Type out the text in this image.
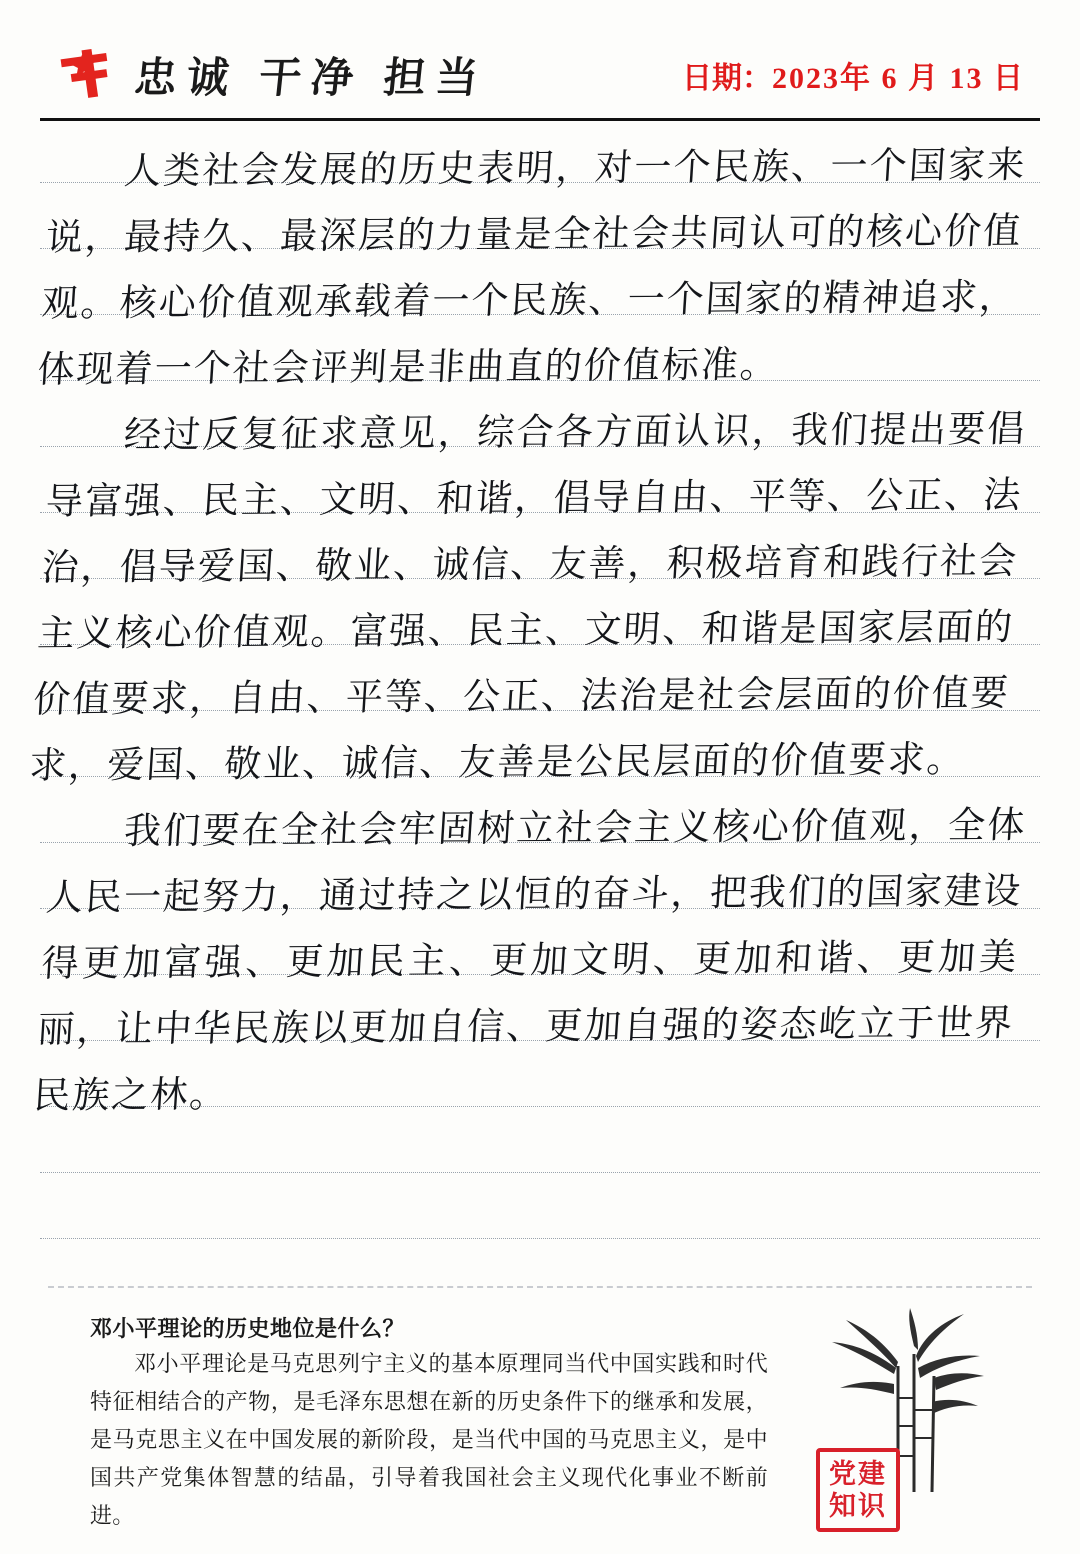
忠诚 干净 担当	日期： 2023年 6 月 13 日

人类社会发展的历史表明，对一个民族、一个国家来说，最持久、最深层的力量是全社会共同认可的核心价值观。核心价值观承载着一个民族、一个国家的精神追求，体现着一个社会评判是非曲直的价值标准。

经过反复征求意见，综合各方面认识，我们提出要倡导富强、民主、文明、和谐，倡导自由、平等、公正、法治，倡导爱国、敬业、诚信、友善，积极培育和践行社会主义核心价值观。富强、民主、文明、和谐是国家层面的价值要求，自由、平等、公正、法治是社会层面的价值要求，爱国、敬业、诚信、友善是公民层面的价值要求。

我们要在全社会牢固树立社会主义核心价值观，全体人民一起努力，通过持之以恒的奋斗，把我们的国家建设得更加富强、更加民主、更加文明、更加和谐、更加美丽，让中华民族以更加自信、更加自强的姿态屹立于世界民族之林。

邓小平理论的历史地位是什么？

邓小平理论是马克思列宁主义的基本原理同当代中国实践和时代特征相结合的产物，是毛泽东思想在新的历史条件下的继承和发展，是马克思主义在中国发展的新阶段，是当代中国的马克思主义，是中国共产党集体智慧的结晶，引导着我国社会主义现代化事业不断前进。

党建
知识
